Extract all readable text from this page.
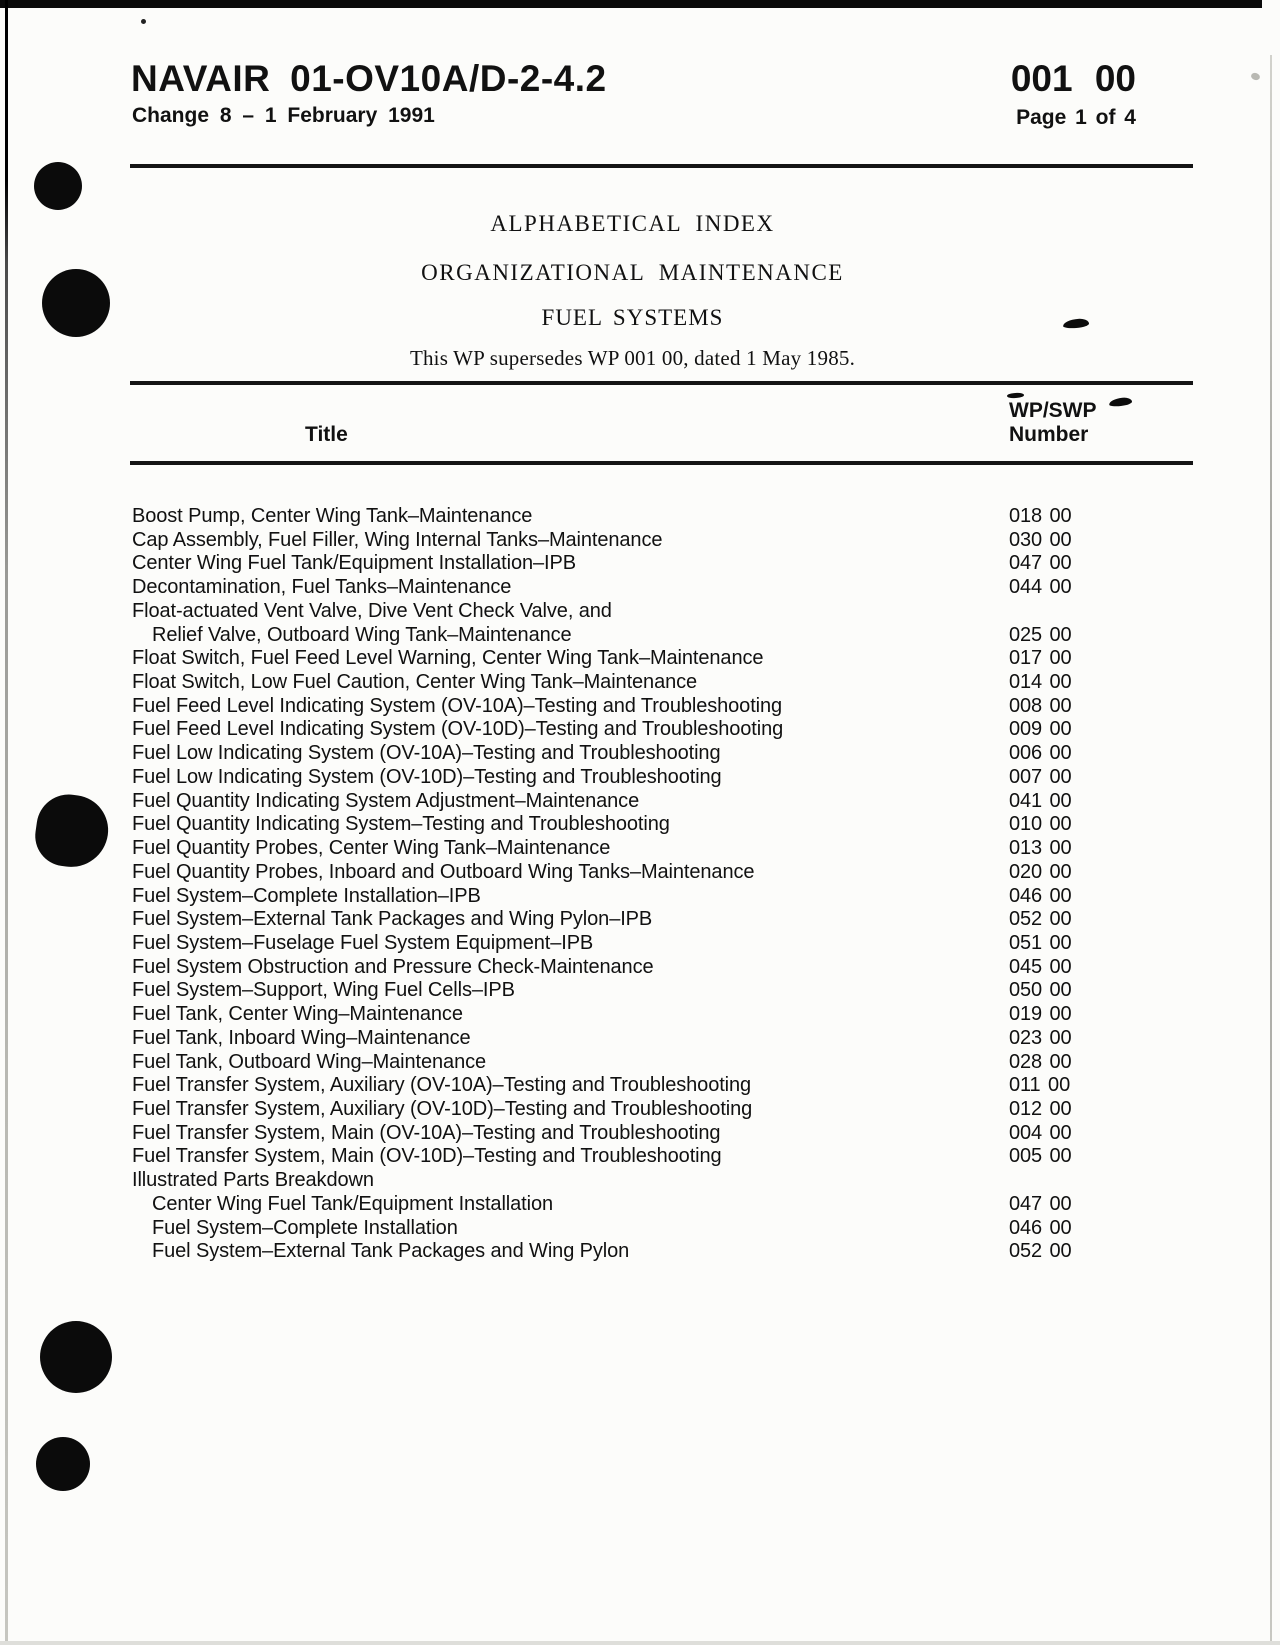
NAVAIR 01-OV10A/D-2-4.2
Change 8 – 1 February 1991
001 00
Page 1 of 4
ALPHABETICAL INDEX
ORGANIZATIONAL MAINTENANCE
FUEL SYSTEMS
This WP supersedes WP 001 00, dated 1 May 1985.
Title
WP/SWP
Number
Boost Pump, Center Wing Tank–Maintenance	018 00
Cap Assembly, Fuel Filler, Wing Internal Tanks–Maintenance	030 00
Center Wing Fuel Tank/Equipment Installation–IPB	047 00
Decontamination, Fuel Tanks–Maintenance	044 00
Float-actuated Vent Valve, Dive Vent Check Valve, and
Relief Valve, Outboard Wing Tank–Maintenance	025 00
Float Switch, Fuel Feed Level Warning, Center Wing Tank–Maintenance	017 00
Float Switch, Low Fuel Caution, Center Wing Tank–Maintenance	014 00
Fuel Feed Level Indicating System (OV-10A)–Testing and Troubleshooting	008 00
Fuel Feed Level Indicating System (OV-10D)–Testing and Troubleshooting	009 00
Fuel Low Indicating System (OV-10A)–Testing and Troubleshooting	006 00
Fuel Low Indicating System (OV-10D)–Testing and Troubleshooting	007 00
Fuel Quantity Indicating System Adjustment–Maintenance	041 00
Fuel Quantity Indicating System–Testing and Troubleshooting	010 00
Fuel Quantity Probes, Center Wing Tank–Maintenance	013 00
Fuel Quantity Probes, Inboard and Outboard Wing Tanks–Maintenance	020 00
Fuel System–Complete Installation–IPB	046 00
Fuel System–External Tank Packages and Wing Pylon–IPB	052 00
Fuel System–Fuselage Fuel System Equipment–IPB	051 00
Fuel System Obstruction and Pressure Check-Maintenance	045 00
Fuel System–Support, Wing Fuel Cells–IPB	050 00
Fuel Tank, Center Wing–Maintenance	019 00
Fuel Tank, Inboard Wing–Maintenance	023 00
Fuel Tank, Outboard Wing–Maintenance	028 00
Fuel Transfer System, Auxiliary (OV-10A)–Testing and Troubleshooting	011 00
Fuel Transfer System, Auxiliary (OV-10D)–Testing and Troubleshooting	012 00
Fuel Transfer System, Main (OV-10A)–Testing and Troubleshooting	004 00
Fuel Transfer System, Main (OV-10D)–Testing and Troubleshooting	005 00
Illustrated Parts Breakdown
Center Wing Fuel Tank/Equipment Installation	047 00
Fuel System–Complete Installation	046 00
Fuel System–External Tank Packages and Wing Pylon	052 00
